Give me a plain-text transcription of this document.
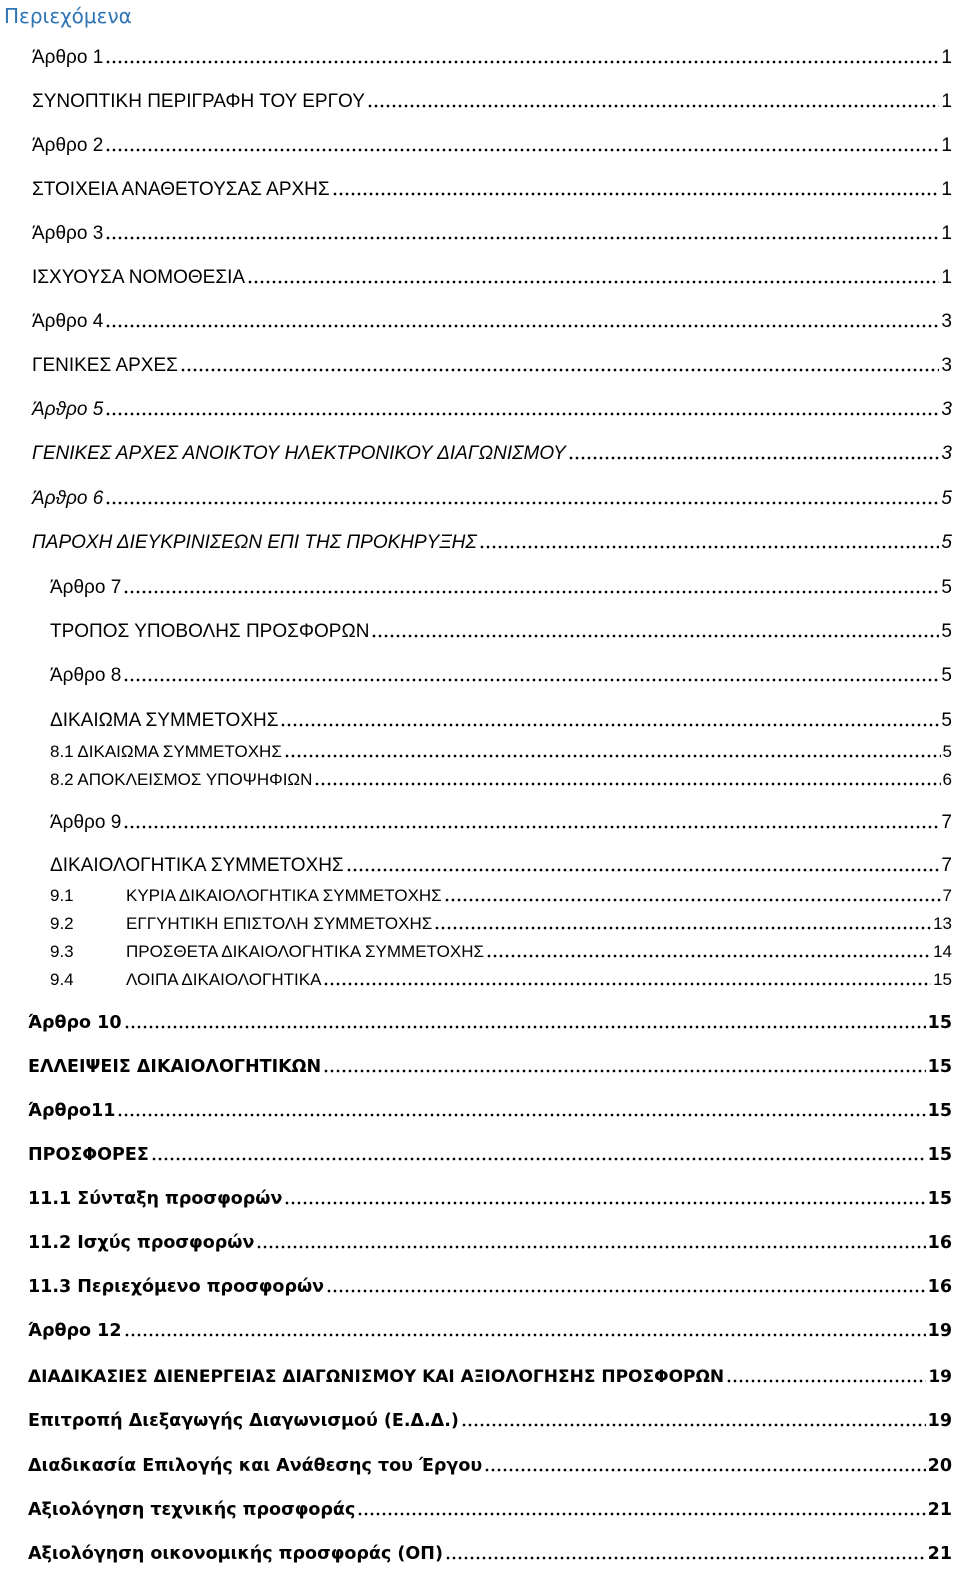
Περιεχόμενα
Άρθρο 1	1
ΣΥΝΟΠΤΙΚΗ ΠΕΡΙΓΡΑΦΗ ΤΟΥ ΕΡΓΟΥ	1
Άρθρο 2	1
ΣΤΟΙΧΕΙΑ ΑΝΑΘΕΤΟΥΣΑΣ ΑΡΧΗΣ	1
Άρθρο 3	1
ΙΣΧΥΟΥΣΑ ΝΟΜΟΘΕΣΙΑ	1
Άρθρο 4	3
ΓΕΝΙΚΕΣ ΑΡΧΕΣ	3
Άρϑρο 5	3
ΓΕΝΙΚΕΣ ΑΡΧΕΣ ΑΝΟΙΚΤΟΥ ΗΛΕΚΤΡΟΝΙΚΟΥ ΔΙΑΓΩΝΙΣΜΟΥ	3
Άρϑρο 6	5
ΠΑΡΟΧΗ ΔΙΕΥΚΡΙΝΙΣΕΩΝ ΕΠΙ ΤΗΣ ΠΡΟΚΗΡΥΞΗΣ	5
Άρθρο 7	5
ΤΡΟΠΟΣ ΥΠΟΒΟΛΗΣ ΠΡΟΣΦΟΡΩΝ	5
Άρθρο 8	5
ΔΙΚΑΙΩΜΑ ΣΥΜΜΕΤΟΧΗΣ	5
8.1 ΔΙΚΑΙΩΜΑ ΣΥΜΜΕΤΟΧΗΣ	5
8.2 ΑΠΟΚΛΕΙΣΜΟΣ ΥΠΟΨΗΦΙΩΝ	6
Άρθρο 9	7
ΔΙΚΑΙΟΛΟΓΗΤΙΚΑ ΣΥΜΜΕΤΟΧΗΣ	7
9.1	ΚΥΡΙΑ ΔΙΚΑΙΟΛΟΓΗΤΙΚΑ ΣΥΜΜΕΤΟΧΗΣ	7
9.2	ΕΓΓΥΗΤΙΚΗ ΕΠΙΣΤΟΛΗ ΣΥΜΜΕΤΟΧΗΣ	13
9.3	ΠΡΟΣΘΕΤΑ ΔΙΚΑΙΟΛΟΓΗΤΙΚΑ ΣΥΜΜΕΤΟΧΗΣ	14
9.4	ΛΟΙΠΑ ΔΙΚΑΙΟΛΟΓΗΤΙΚΑ	15
Άρθρο 10	15
ΕΛΛΕΙΨΕΙΣ ΔΙΚΑΙΟΛΟΓΗΤΙΚΩΝ	15
Άρθρο11	15
ΠΡΟΣΦΟΡΕΣ	15
11.1 Σύνταξη προσφορών	15
11.2 Ισχύς προσφορών	16
11.3 Περιεχόμενο προσφορών	16
Άρθρο 12	19
ΔΙΑΔΙΚΑΣΙΕΣ ΔΙΕΝΕΡΓΕΙΑΣ ΔΙΑΓΩΝΙΣΜΟΥ ΚΑΙ ΑΞΙΟΛΟΓΗΣΗΣ ΠΡΟΣΦΟΡΩΝ	19
Επιτροπή Διεξαγωγής Διαγωνισμού (Ε.Δ.Δ.)	19
Διαδικασία Επιλογής και Ανάθεσης του Έργου	20
Αξιολόγηση τεχνικής προσφοράς	21
Αξιολόγηση οικονομικής προσφοράς (ΟΠ)	21
